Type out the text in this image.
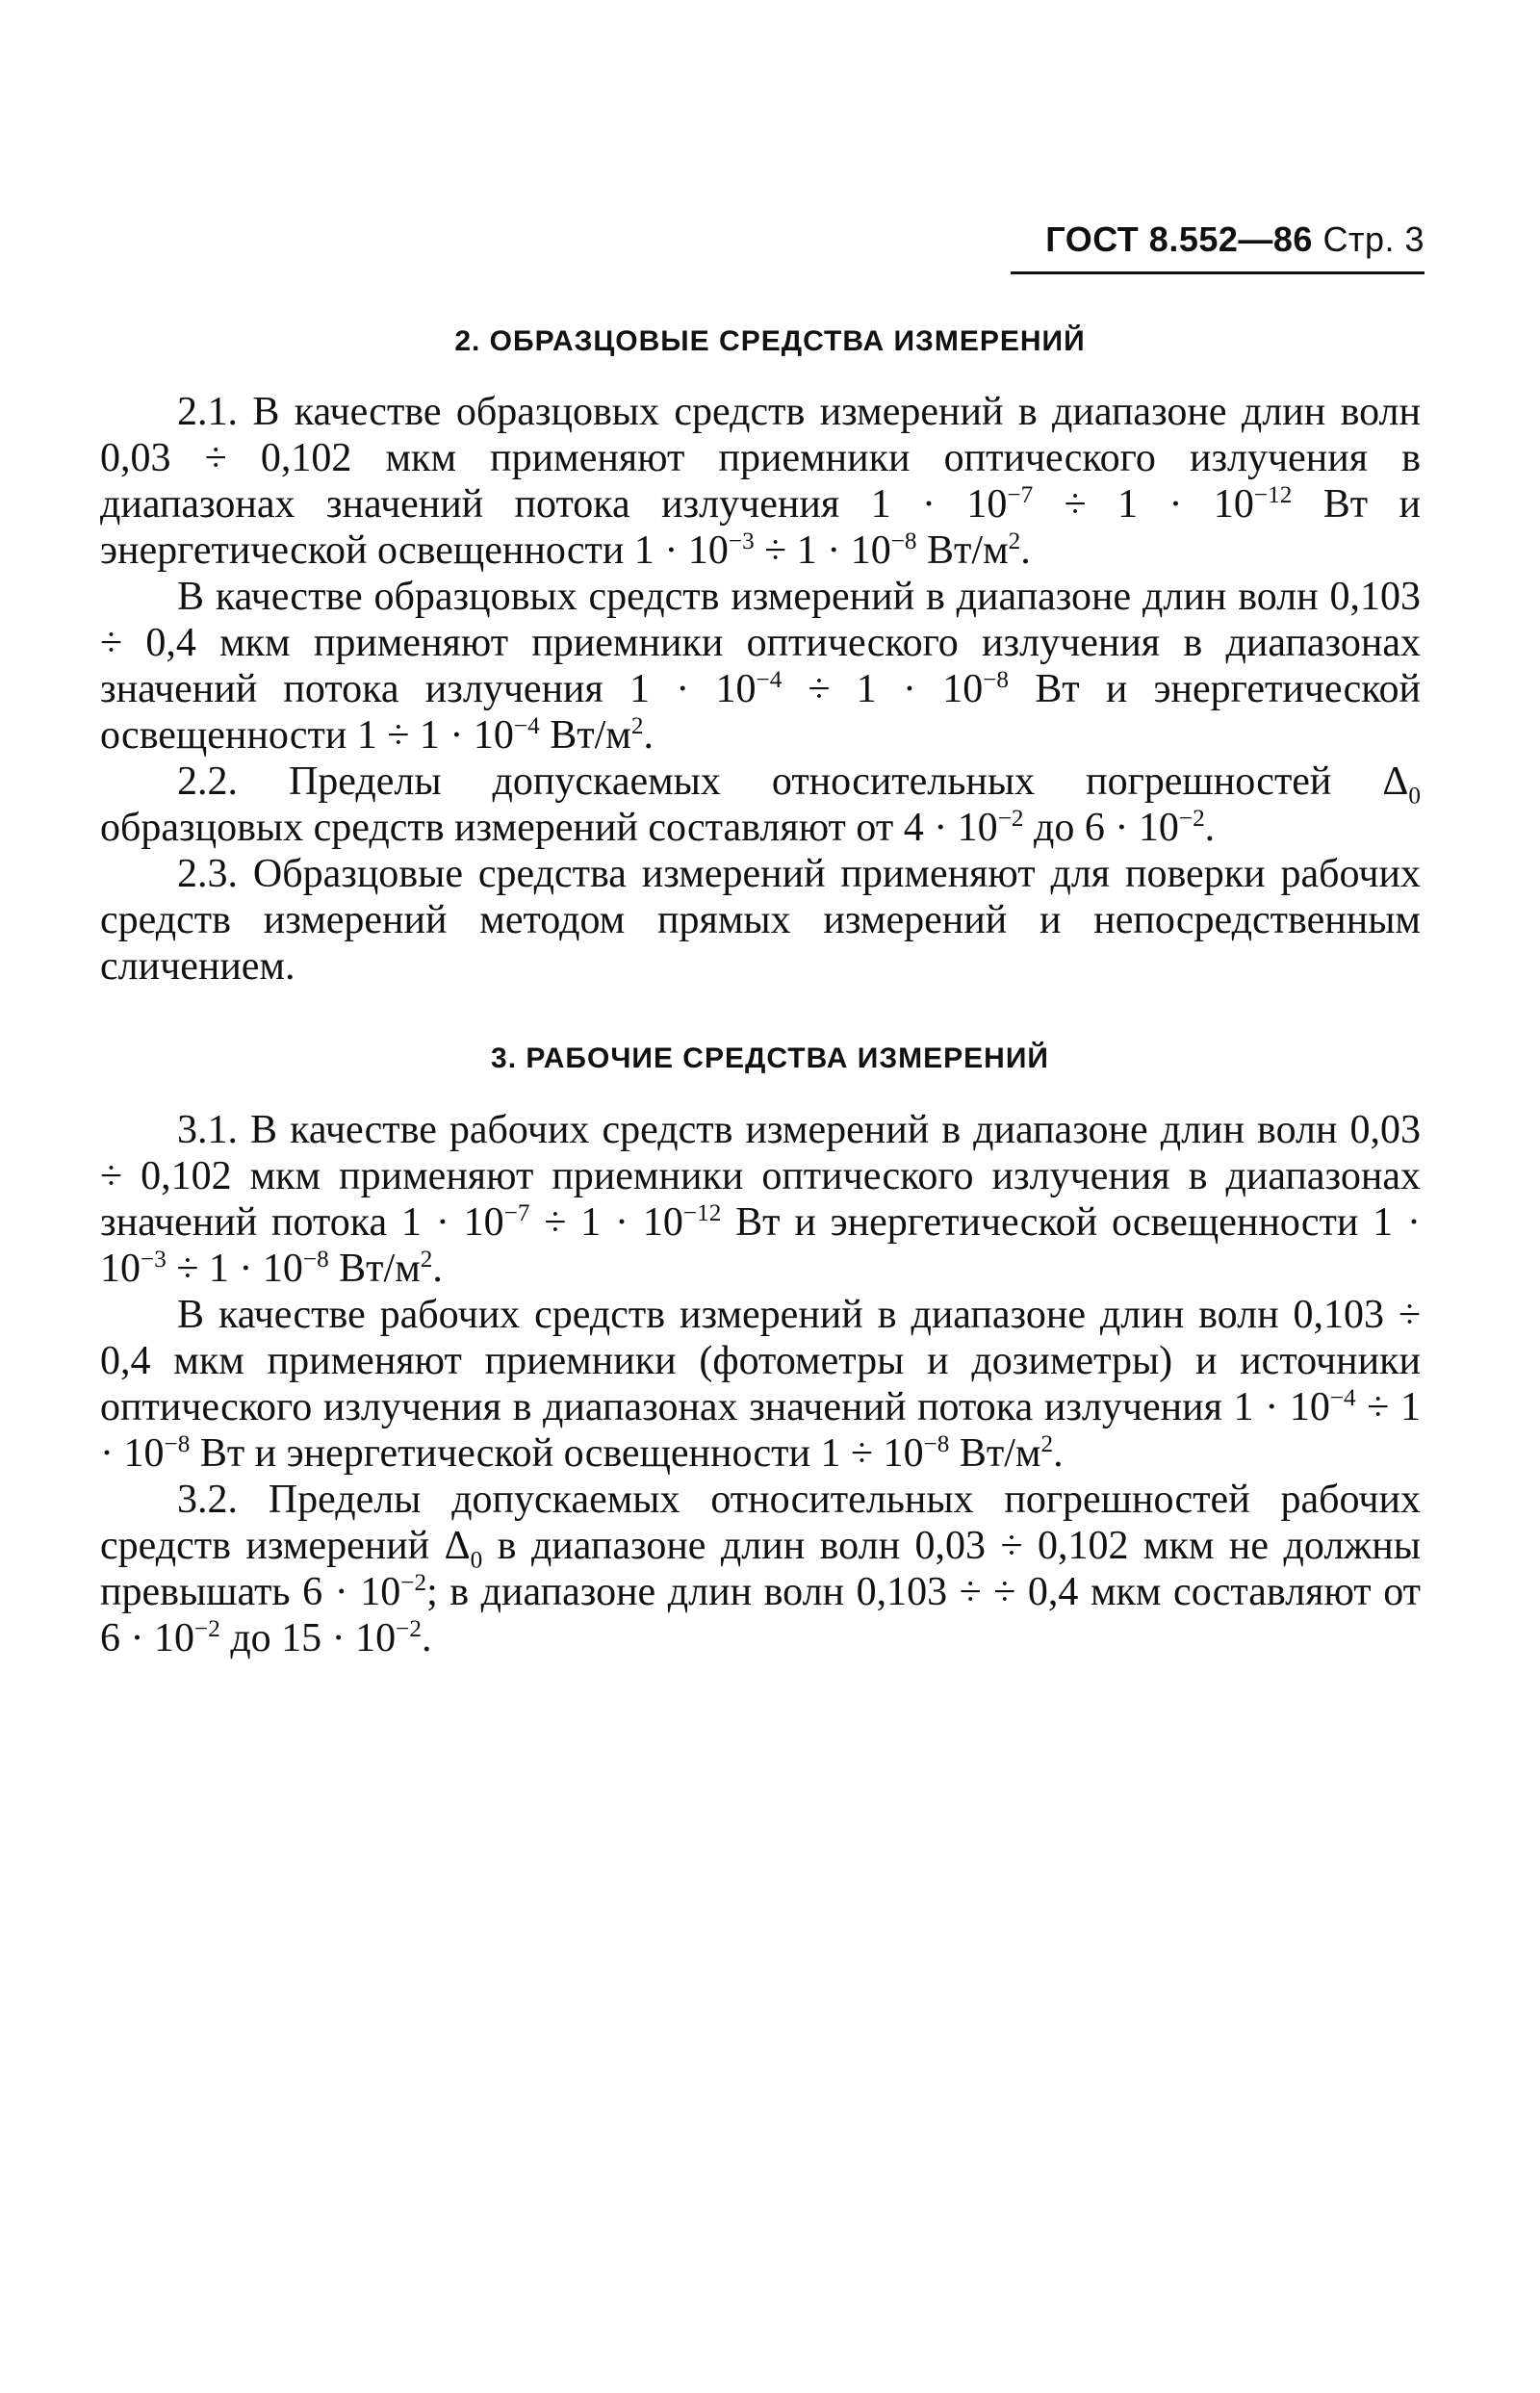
ГОСТ 8.552—86 Стр. 3
2. ОБРАЗЦОВЫЕ СРЕДСТВА ИЗМЕРЕНИЙ

2.1. В качестве образцовых средств измерений в диапазоне длин волн 0,03 ÷ 0,102 мкм применяют приемники оптического излучения в диапазонах значений потока излучения $1 \cdot 10^{-7} \div 1 \cdot 10^{-12}$ Вт и энергетической освещенности $1 \cdot 10^{-3} \div 1 \cdot 10^{-8}$ $Вт/м^2$.

В качестве образцовых средств измерений в диапазоне длин волн 0,103 ÷ 0,4 мкм применяют приемники оптического излучения в диапазонах значений потока излучения $1 \cdot 10^{-4} \div 1 \cdot 10^{-8}$ Вт и энергетической освещенности $1 \div 1 \cdot 10^{-4}$ $Вт/м^2$.

2.2. Пределы допускаемых относительных погрешностей $\Delta_0$ образцовых средств измерений составляют от $4 \cdot 10^{-2}$ до $6 \cdot 10^{-2}$.

2.3. Образцовые средства измерений применяют для поверки рабочих средств измерений методом прямых измерений и непосредственным сличением.

3. РАБОЧИЕ СРЕДСТВА ИЗМЕРЕНИЙ

3.1. В качестве рабочих средств измерений в диапазоне длин волн 0,03 ÷ 0,102 мкм применяют приемники оптического излучения в диапазонах значений потока $1 \cdot 10^{-7} \div 1 \cdot 10^{-12}$ Вт и энергетической освещенности $1 \cdot 10^{-3} \div 1 \cdot 10^{-8}$ $Вт/м^2$.

В качестве рабочих средств измерений в диапазоне длин волн 0,103 ÷ 0,4 мкм применяют приемники (фотометры и дозиметры) и источники оптического излучения в диапазонах значений потока излучения $1 \cdot 10^{-4} \div 1 \cdot 10^{-8}$ Вт и энергетической освещенности $1 \div 10^{-8}$ $Вт/м^2$.

3.2. Пределы допускаемых относительных погрешностей рабочих средств измерений $\Delta_0$ в диапазоне длин волн 0,03 ÷ 0,102 мкм не должны превышать $6 \cdot 10^{-2}$; в диапазоне длин волн 0,103 ÷ ÷ 0,4 мкм составляют от $6 \cdot 10^{-2}$ до $15 \cdot 10^{-2}$.
